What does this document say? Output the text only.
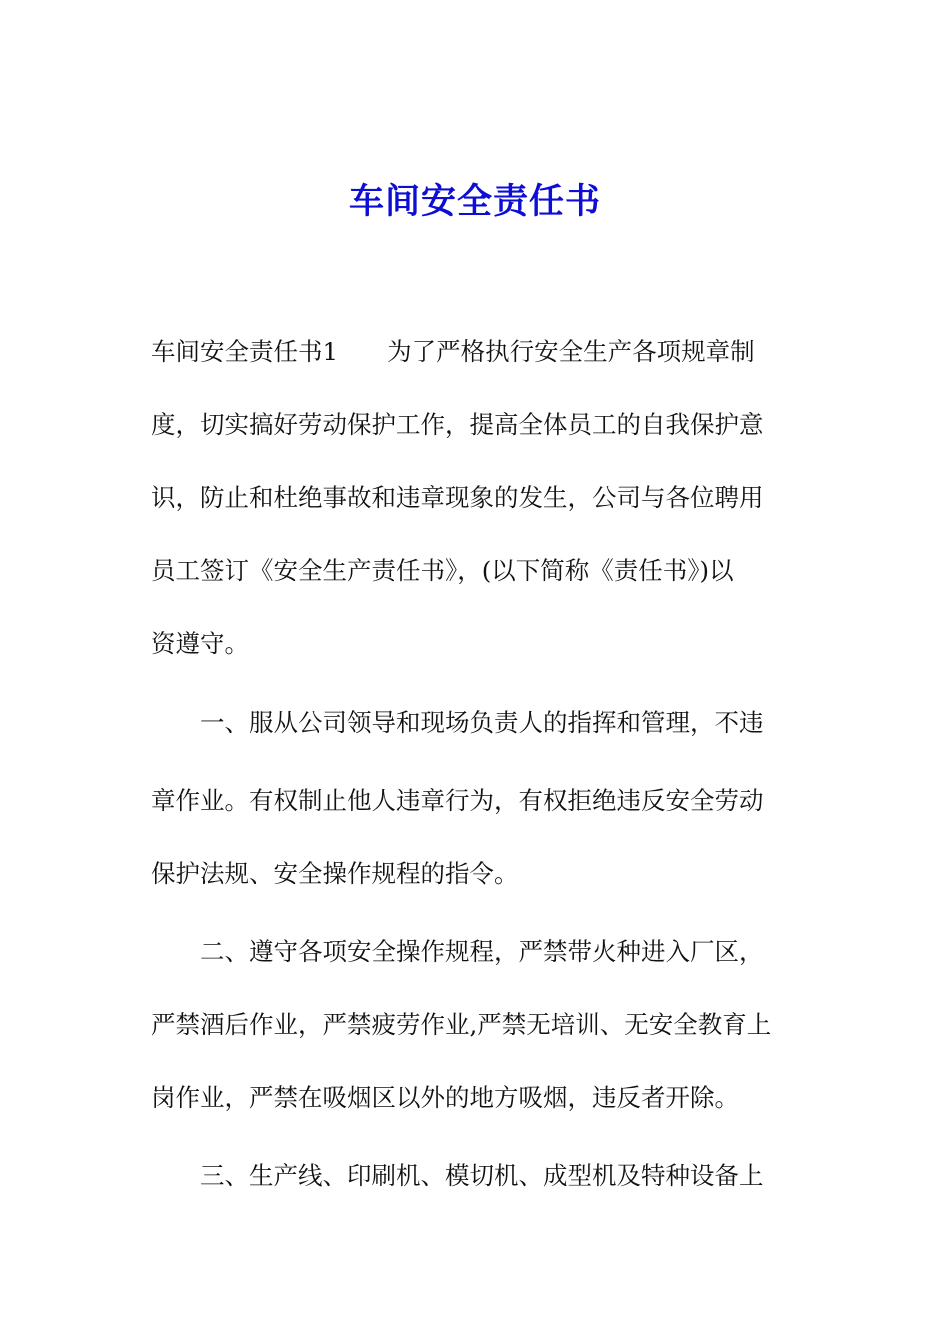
车间安全责任书

车间安全责任书1　　为了严格执行安全生产各项规章制

度，切实搞好劳动保护工作，提高全体员工的自我保护意

识，防止和杜绝事故和违章现象的发生，公司与各位聘用

员工签订《安全生产责任书》，(以下简称《责任书》)以

资遵守。

一、服从公司领导和现场负责人的指挥和管理，不违

章作业。有权制止他人违章行为，有权拒绝违反安全劳动

保护法规、安全操作规程的指令。

二、遵守各项安全操作规程，严禁带火种进入厂区，

严禁酒后作业，严禁疲劳作业,严禁无培训、无安全教育上

岗作业，严禁在吸烟区以外的地方吸烟，违反者开除。

三、生产线、印刷机、模切机、成型机及特种设备上
